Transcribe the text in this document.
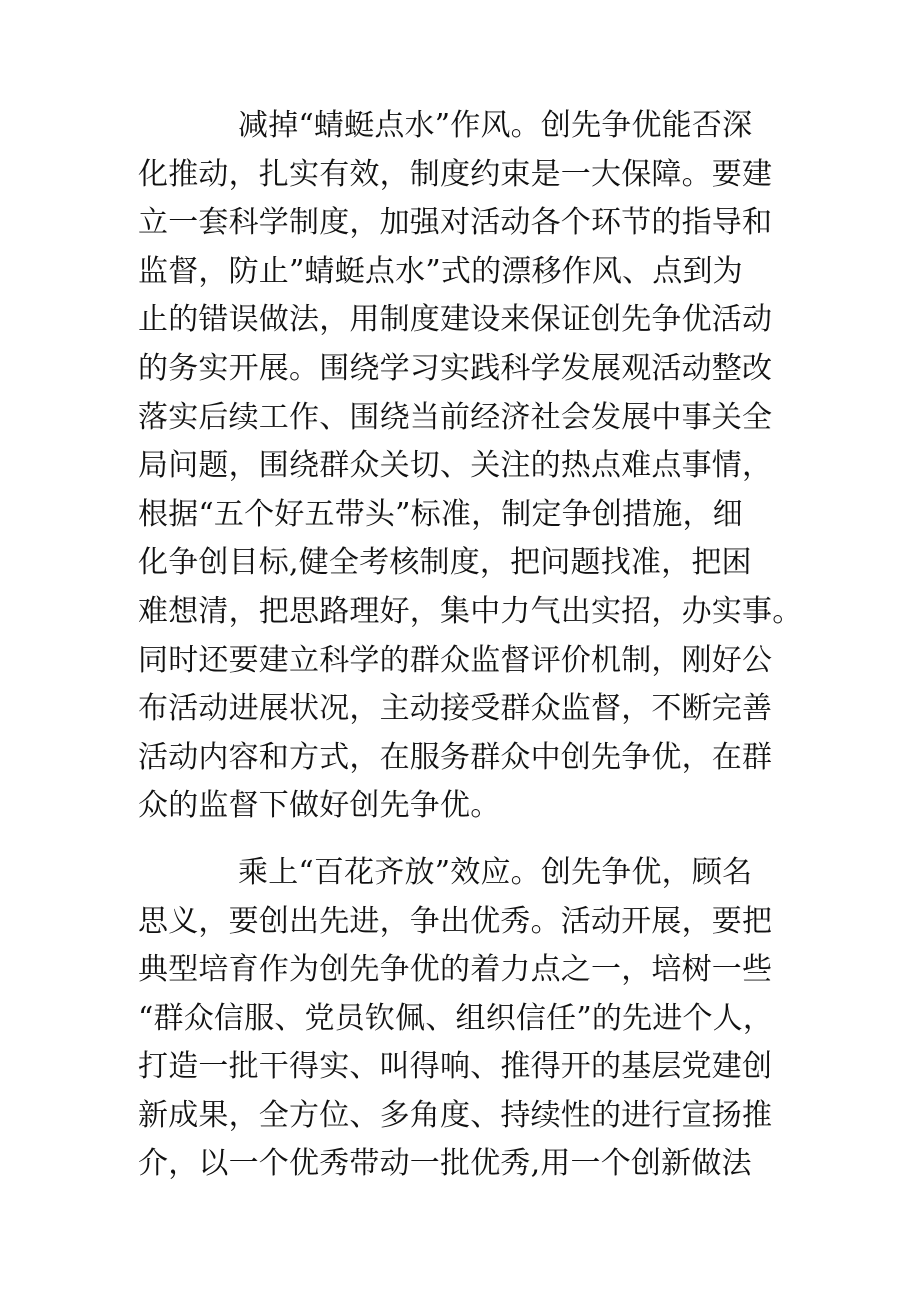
减掉“蜻蜓点水”作风。创先争优能否深
化推动，扎实有效，制度约束是一大保障。要建
立一套科学制度，加强对活动各个环节的指导和
监督，防止”蜻蜓点水”式的漂移作风、点到为
止的错误做法，用制度建设来保证创先争优活动
的务实开展。围绕学习实践科学发展观活动整改
落实后续工作、围绕当前经济社会发展中事关全
局问题，围绕群众关切、关注的热点难点事情，
根据“五个好五带头”标准，制定争创措施，细
化争创目标,健全考核制度，把问题找准，把困
难想清，把思路理好，集中力气出实招，办实事。
同时还要建立科学的群众监督评价机制，刚好公
布活动进展状况，主动接受群众监督，不断完善
活动内容和方式，在服务群众中创先争优，在群
众的监督下做好创先争优。
乘上“百花齐放”效应。创先争优，顾名
思义，要创出先进，争出优秀。活动开展，要把
典型培育作为创先争优的着力点之一，培树一些
“群众信服、党员钦佩、组织信任”的先进个人，
打造一批干得实、叫得响、推得开的基层党建创
新成果，全方位、多角度、持续性的进行宣扬推
介，以一个优秀带动一批优秀,用一个创新做法
